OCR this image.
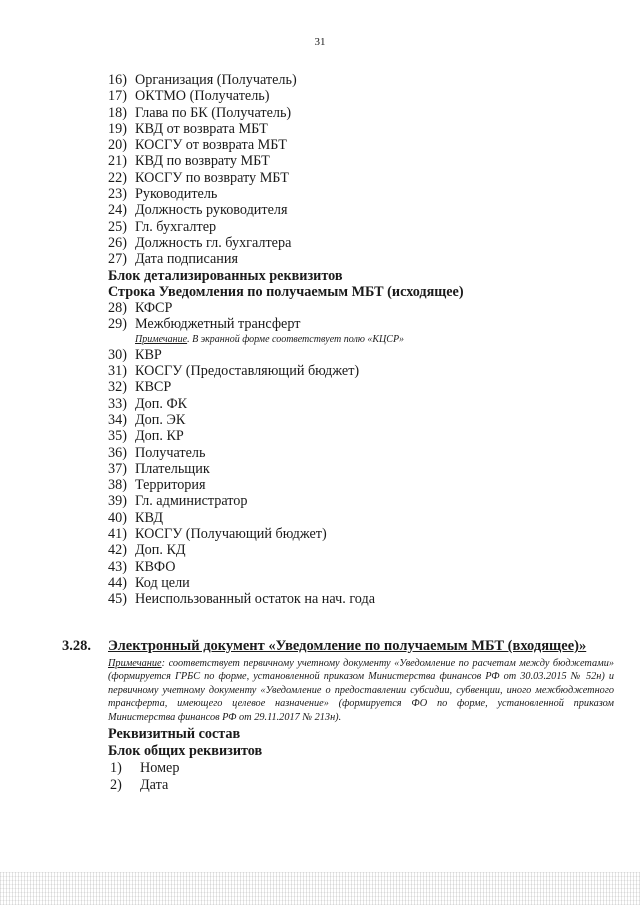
31
16) Организация (Получатель)
17) ОКТМО (Получатель)
18) Глава по БК (Получатель)
19) КВД от возврата МБТ
20) КОСГУ от возврата МБТ
21) КВД по возврату МБТ
22) КОСГУ по возврату МБТ
23) Руководитель
24) Должность руководителя
25) Гл. бухгалтер
26) Должность гл. бухгалтера
27) Дата подписания
Блок детализированных реквизитов
Строка Уведомления по получаемым МБТ (исходящее)
28) КФСР
29) Межбюджетный трансферт
Примечание. В экранной форме соответствует полю «КЦСР»
30) КВР
31) КОСГУ (Предоставляющий бюджет)
32) КВСР
33) Доп. ФК
34) Доп. ЭК
35) Доп. КР
36) Получатель
37) Плательщик
38) Территория
39) Гл. администратор
40) КВД
41) КОСГУ (Получающий бюджет)
42) Доп. КД
43) КВФО
44) Код цели
45) Неиспользованный остаток на нач. года
3.28.	Электронный документ «Уведомление по получаемым МБТ (входящее)»
Примечание: соответствует первичному учетному документу «Уведомление по расчетам между бюджетами» (формируется ГРБС по форме, установленной приказом Министерства финансов РФ от 30.03.2015 № 52н) и первичному учетному документу «Уведомление о предоставлении субсидии, субвенции, иного межбюджетного трансферта, имеющего целевое назначение» (формируется ФО по форме, установленной приказом Министерства финансов РФ от 29.11.2017 № 213н).
Реквизитный состав
Блок общих реквизитов
1) Номер
2) Дата
